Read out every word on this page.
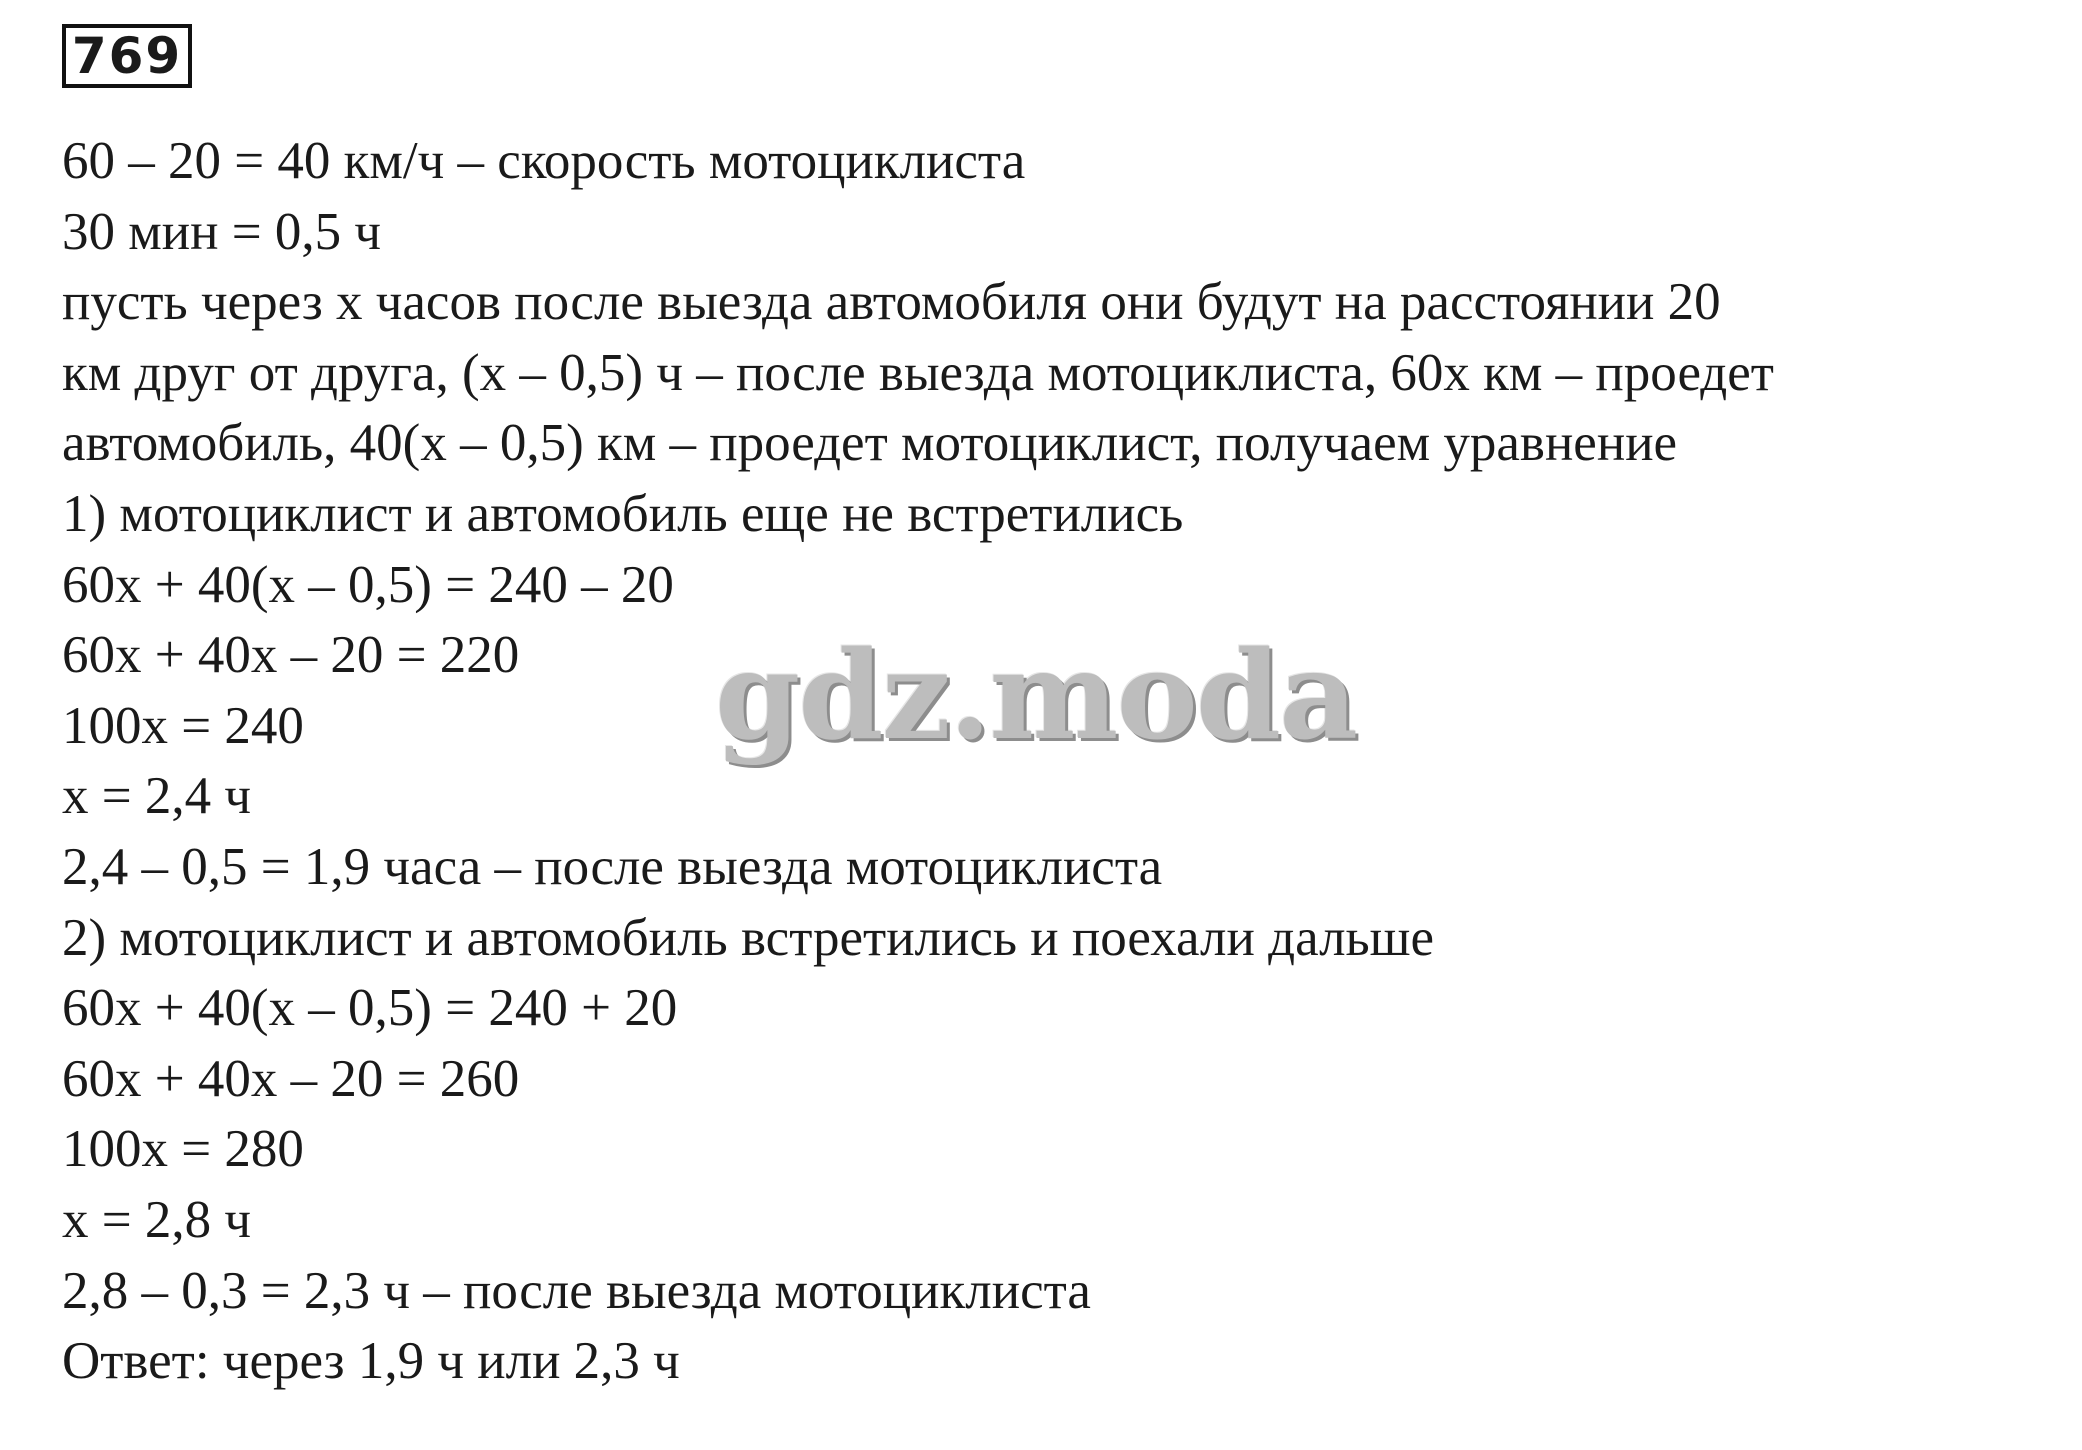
769
60 – 20 = 40 км/ч – скорость мотоциклиста
30 мин = 0,5 ч
пусть через х часов после выезда автомобиля они будут на расстоянии 20
км друг от друга, (х – 0,5) ч – после выезда мотоциклиста, 60х км – проедет
автомобиль, 40(х – 0,5) км – проедет мотоциклист, получаем уравнение
1) мотоциклист и автомобиль еще не встретились
60х + 40(х – 0,5) = 240 – 20
60х + 40х – 20 = 220
100х = 240
х = 2,4 ч
2,4 – 0,5 = 1,9 часа – после выезда мотоциклиста
2) мотоциклист и автомобиль встретились и поехали дальше
60х + 40(х – 0,5) = 240 + 20
60х + 40х – 20 = 260
100х = 280
х = 2,8 ч
2,8 – 0,3 = 2,3 ч – после выезда мотоциклиста
Ответ: через 1,9 ч или 2,3 ч
gdz.moda
